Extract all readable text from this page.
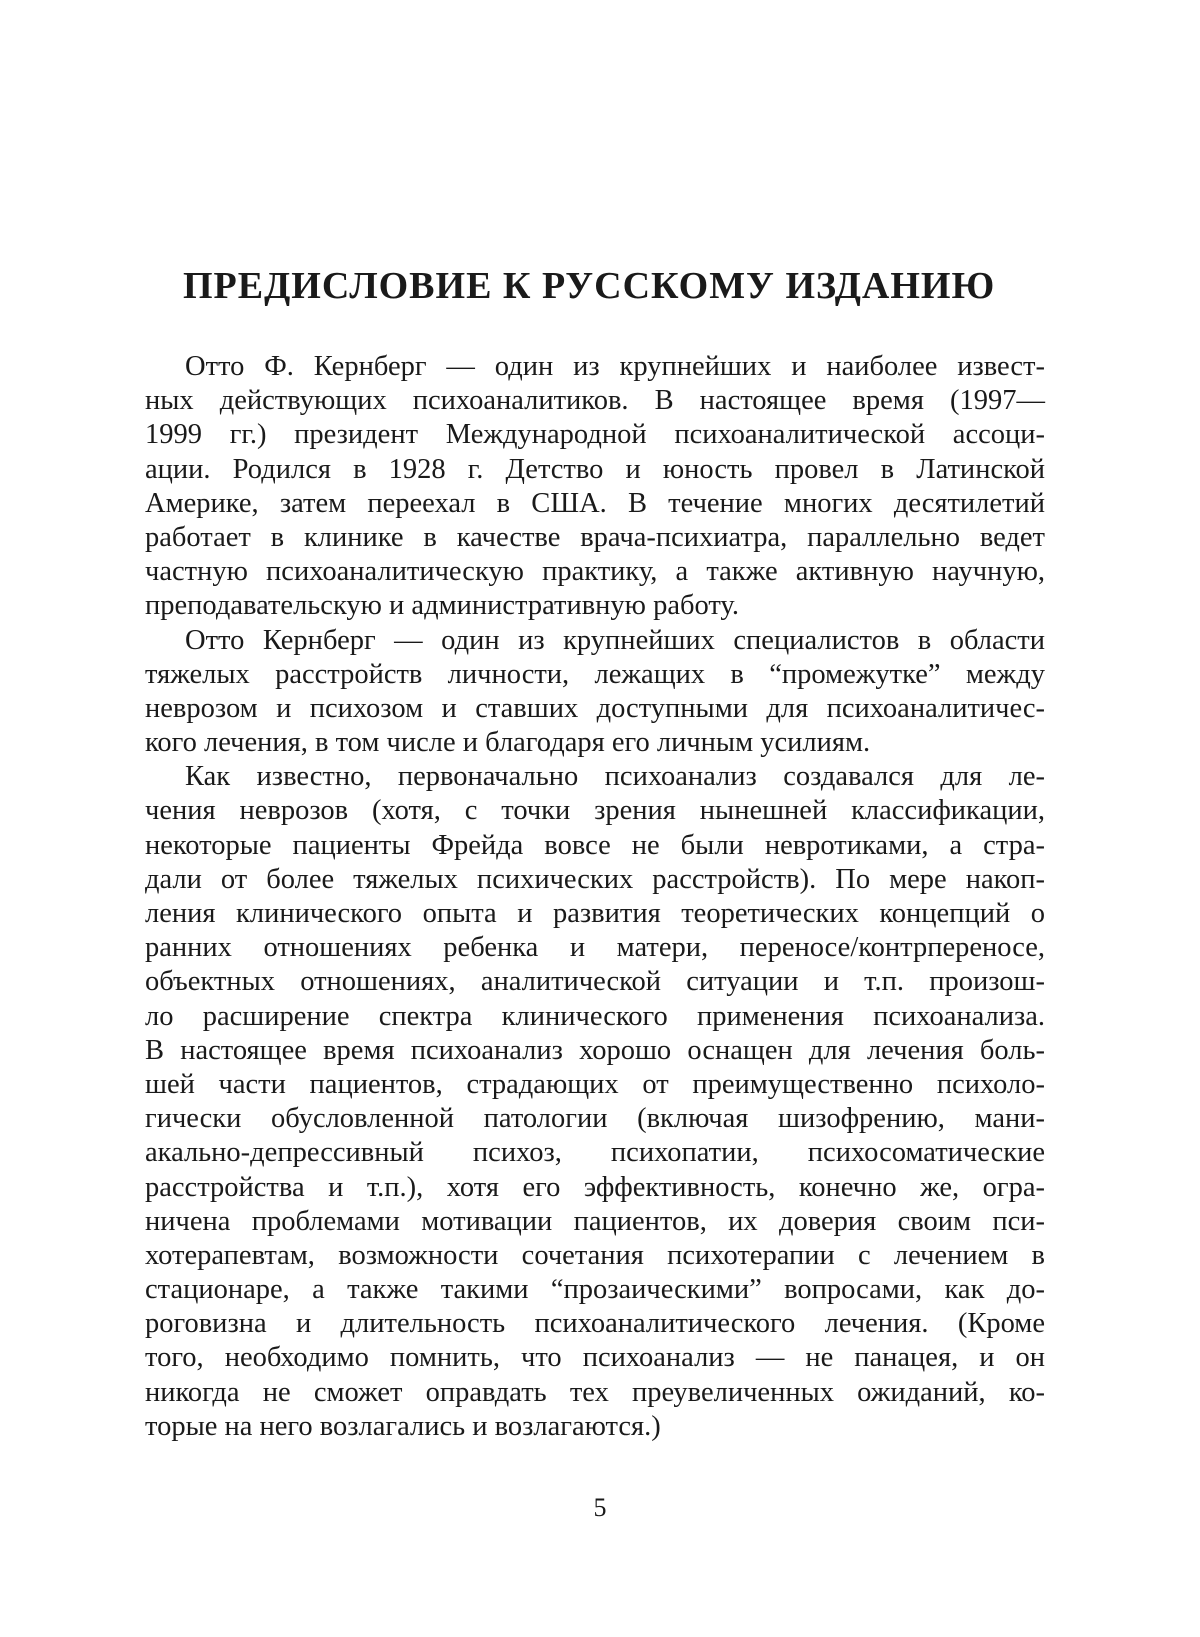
ПРЕДИСЛОВИЕ К РУССКОМУ ИЗДАНИЮ
Отто Ф. Кернберг — один из крупнейших и наиболее извест-
ных действующих психоаналитиков. В настоящее время (1997—
1999 гг.) президент Международной психоаналитической ассоци-
ации. Родился в 1928 г. Детство и юность провел в Латинской
Америке, затем переехал в США. В течение многих десятилетий
работает в клинике в качестве врача-психиатра, параллельно ведет
частную психоаналитическую практику, а также активную научную,
преподавательскую и административную работу.
Отто Кернберг — один из крупнейших специалистов в области
тяжелых расстройств личности, лежащих в “промежутке” между
неврозом и психозом и ставших доступными для психоаналитичес-
кого лечения, в том числе и благодаря его личным усилиям.
Как известно, первоначально психоанализ создавался для ле-
чения неврозов (хотя, с точки зрения нынешней классификации,
некоторые пациенты Фрейда вовсе не были невротиками, а стра-
дали от более тяжелых психических расстройств). По мере накоп-
ления клинического опыта и развития теоретических концепций о
ранних отношениях ребенка и матери, переносе/контрпереносе,
объектных отношениях, аналитической ситуации и т.п. произош-
ло расширение спектра клинического применения психоанализа.
В настоящее время психоанализ хорошо оснащен для лечения боль-
шей части пациентов, страдающих от преимущественно психоло-
гически обусловленной патологии (включая шизофрению, мани-
акально-депрессивный психоз, психопатии, психосоматические
расстройства и т.п.), хотя его эффективность, конечно же, огра-
ничена проблемами мотивации пациентов, их доверия своим пси-
хотерапевтам, возможности сочетания психотерапии с лечением в
стационаре, а также такими “прозаическими” вопросами, как до-
роговизна и длительность психоаналитического лечения. (Кроме
того, необходимо помнить, что психоанализ — не панацея, и он
никогда не сможет оправдать тех преувеличенных ожиданий, ко-
торые на него возлагались и возлагаются.)
5
